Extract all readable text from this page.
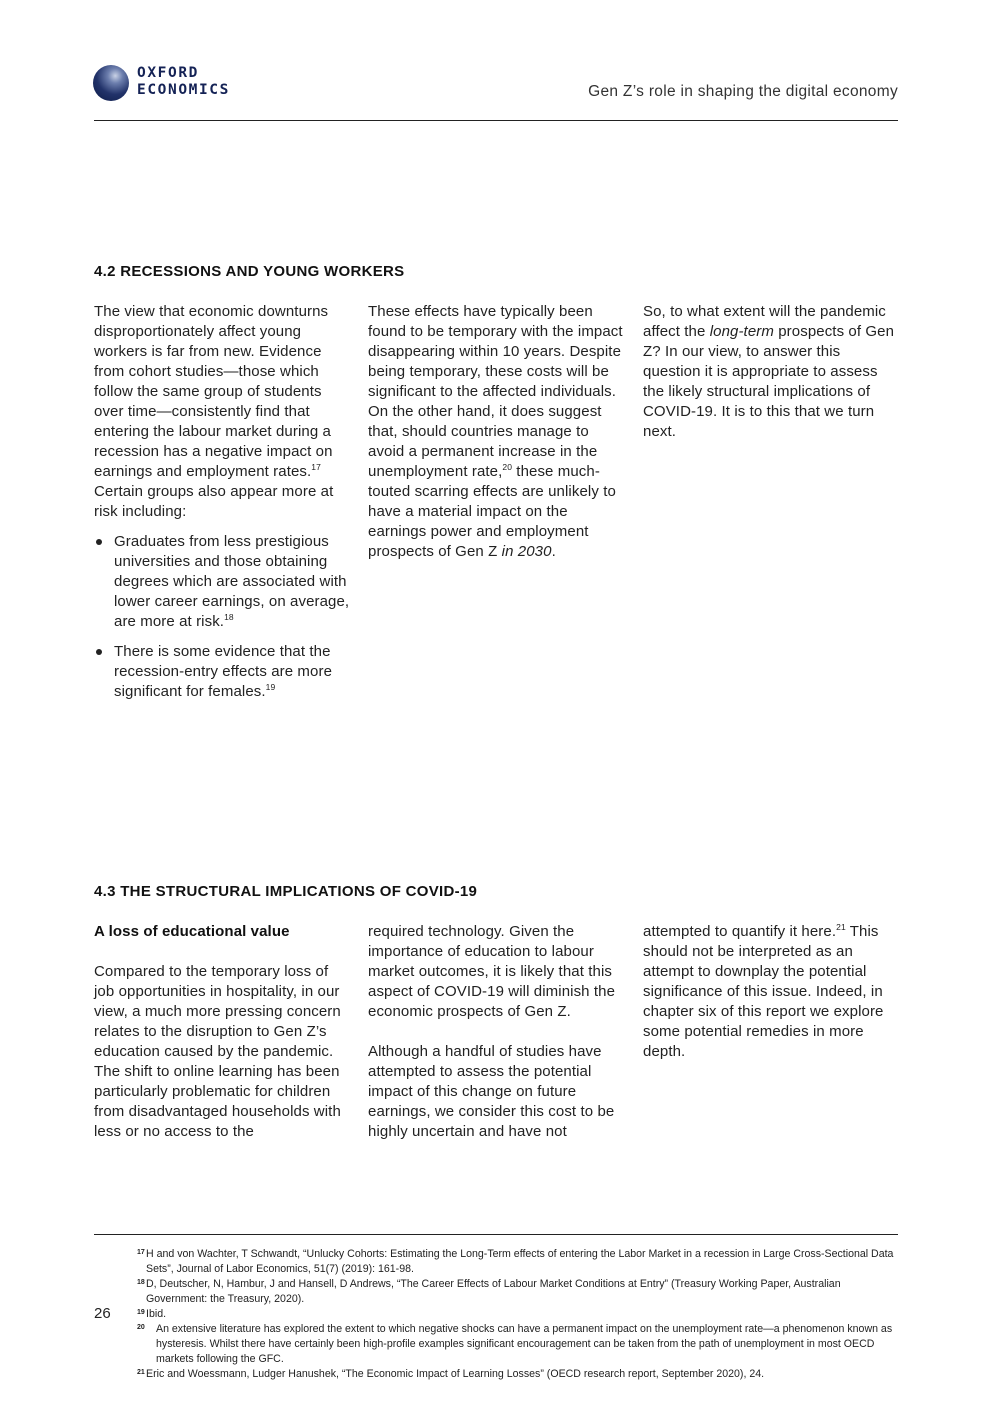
OXFORD
ECONOMICS	Gen Z’s role in shaping the digital economy
4.2 RECESSIONS AND YOUNG WORKERS

The view that economic downturns disproportionately affect young workers is far from new. Evidence from cohort studies—those which follow the same group of students over time—consistently find that entering the labour market during a recession has a negative impact on earnings and employment rates.$^{17}$ Certain groups also appear more at risk including:

Graduates from less prestigious universities and those obtaining degrees which are associated with lower career earnings, on average, are more at risk.$^{18}$
There is some evidence that the recession-entry effects are more significant for females.$^{19}$

These effects have typically been found to be temporary with the impact disappearing within 10 years. Despite being temporary, these costs will be significant to the affected individuals. On the other hand, it does suggest that, should countries manage to avoid a permanent increase in the unemployment rate,$^{20}$ these much-touted scarring effects are unlikely to have a material impact on the earnings power and employment prospects of Gen Z in 2030.

So, to what extent will the pandemic affect the long-term prospects of Gen Z? In our view, to answer this question it is appropriate to assess the likely structural implications of COVID-19. It is to this that we turn next.

4.3 THE STRUCTURAL IMPLICATIONS OF COVID-19

A loss of educational value

Compared to the temporary loss of job opportunities in hospitality, in our view, a much more pressing concern relates to the disruption to Gen Z’s education caused by the pandemic. The shift to online learning has been particularly problematic for children from disadvantaged households with less or no access to the

required technology. Given the importance of education to labour market outcomes, it is likely that this aspect of COVID-19 will diminish the economic prospects of Gen Z.

Although a handful of studies have attempted to assess the potential impact of this change on future earnings, we consider this cost to be highly uncertain and have not

attempted to quantify it here.$^{21}$ This should not be interpreted as an attempt to downplay the potential significance of this issue. Indeed, in chapter six of this report we explore some potential remedies in more depth.

26
17 H and von Wachter, T Schwandt, “Unlucky Cohorts: Estimating the Long-Term effects of entering the Labor Market in a recession in Large Cross-Sectional Data Sets”, Journal of Labor Economics, 51(7) (2019): 161-98.
18 D, Deutscher, N, Hambur, J and Hansell, D Andrews, “The Career Effects of Labour Market Conditions at Entry” (Treasury Working Paper, Australian Government: the Treasury, 2020).
19 Ibid.
20 An extensive literature has explored the extent to which negative shocks can have a permanent impact on the unemployment rate—a phenomenon known as hysteresis. Whilst there have certainly been high-profile examples significant encouragement can be taken from the path of unemployment in most OECD markets following the GFC.
21 Eric and Woessmann, Ludger Hanushek, “The Economic Impact of Learning Losses” (OECD research report, September 2020), 24.
